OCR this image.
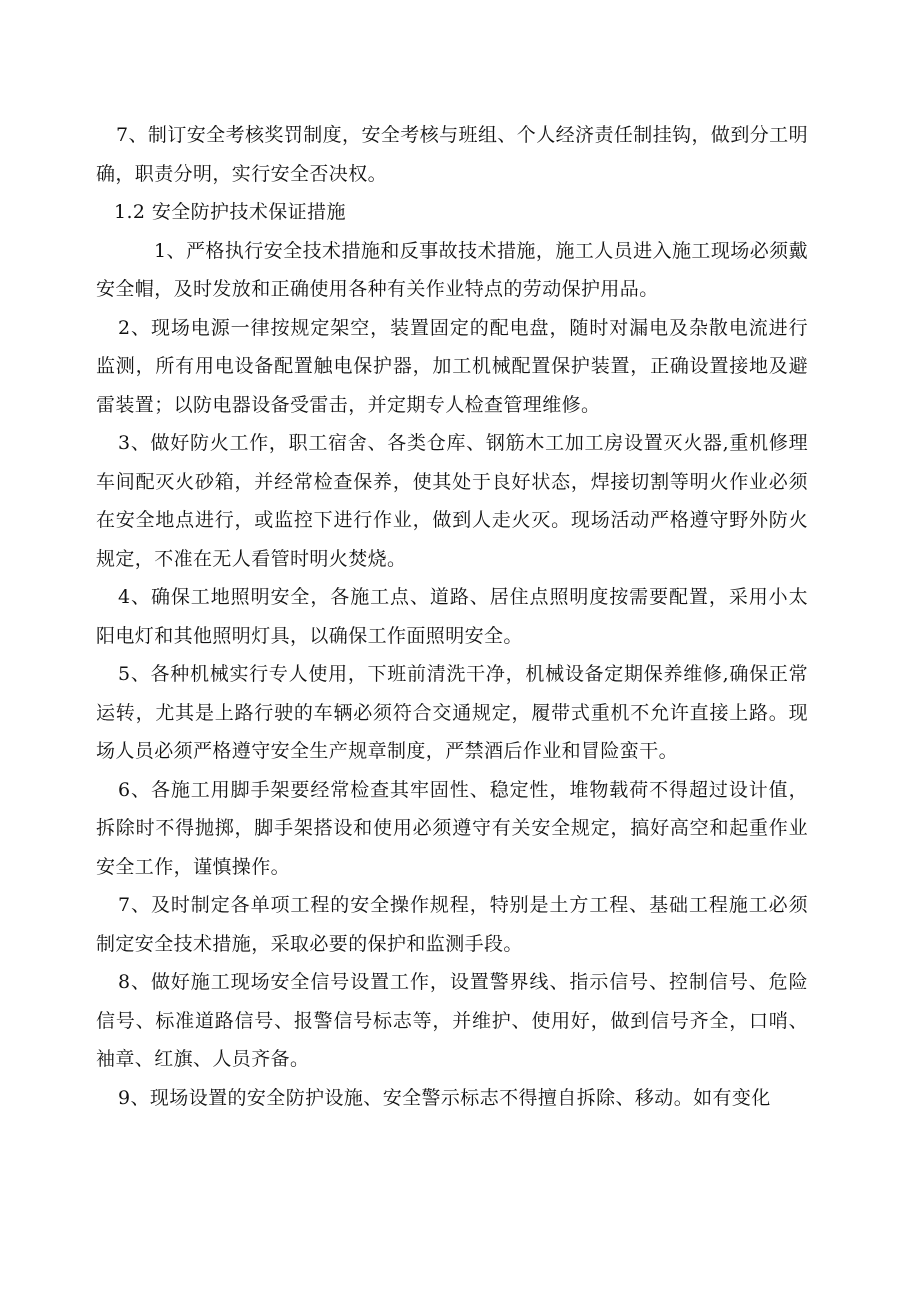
7、制订安全考核奖罚制度，安全考核与班组、个人经济责任制挂钩，做到分工明确，职责分明，实行安全否决权。

1.2 安全防护技术保证措施

1、严格执行安全技术措施和反事故技术措施，施工人员进入施工现场必须戴安全帽，及时发放和正确使用各种有关作业特点的劳动保护用品。

2、现场电源一律按规定架空，装置固定的配电盘，随时对漏电及杂散电流进行监测，所有用电设备配置触电保护器，加工机械配置保护装置，正确设置接地及避雷装置；以防电器设备受雷击，并定期专人检查管理维修。

3、做好防火工作，职工宿舍、各类仓库、钢筋木工加工房设置灭火器,重机修理车间配灭火砂箱，并经常检查保养，使其处于良好状态，焊接切割等明火作业必须在安全地点进行，或监控下进行作业，做到人走火灭。现场活动严格遵守野外防火规定，不准在无人看管时明火焚烧。

4、确保工地照明安全，各施工点、道路、居住点照明度按需要配置，采用小太阳电灯和其他照明灯具，以确保工作面照明安全。

5、各种机械实行专人使用，下班前清洗干净，机械设备定期保养维修,确保正常运转，尤其是上路行驶的车辆必须符合交通规定，履带式重机不允许直接上路。现场人员必须严格遵守安全生产规章制度，严禁酒后作业和冒险蛮干。

6、各施工用脚手架要经常检查其牢固性、稳定性，堆物载荷不得超过设计值，拆除时不得抛掷，脚手架搭设和使用必须遵守有关安全规定，搞好高空和起重作业安全工作，谨慎操作。

7、及时制定各单项工程的安全操作规程，特别是土方工程、基础工程施工必须制定安全技术措施，采取必要的保护和监测手段。

8、做好施工现场安全信号设置工作，设置警界线、指示信号、控制信号、危险信号、标准道路信号、报警信号标志等，并维护、使用好，做到信号齐全，口哨、袖章、红旗、人员齐备。

9、现场设置的安全防护设施、安全警示标志不得擅自拆除、移动。如有变化
